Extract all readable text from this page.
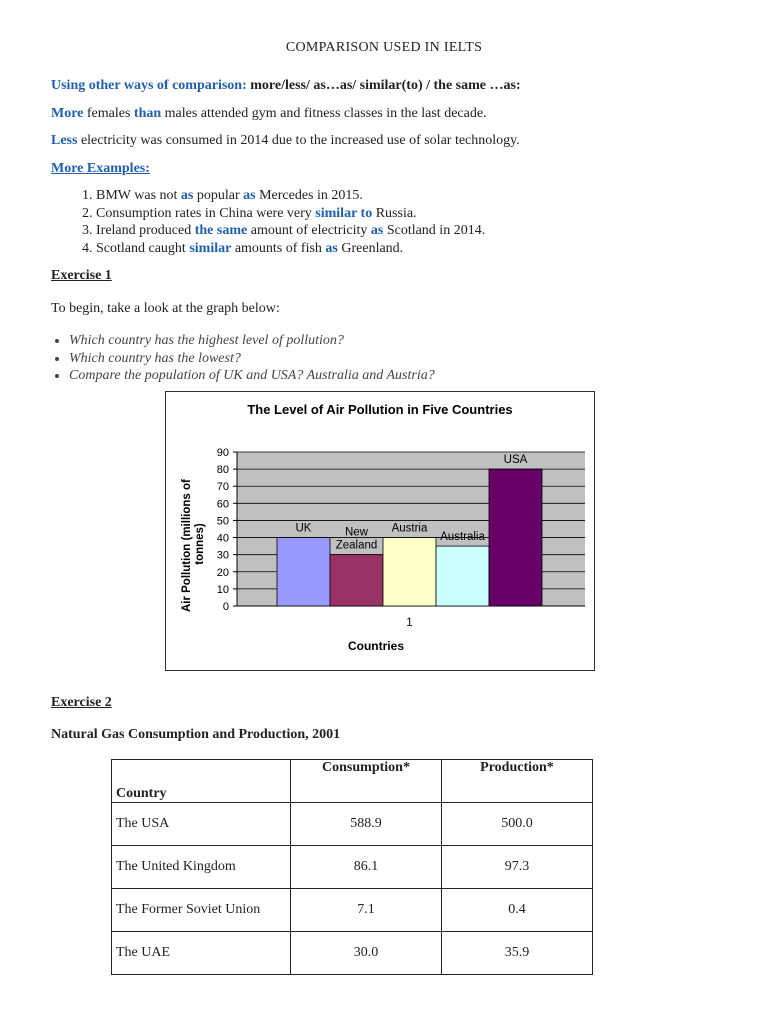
COMPARISON USED IN IELTS
Using other ways of comparison: more/less/ as…as/ similar(to) / the same …as:
More females than males attended gym and fitness classes in the last decade.
Less electricity was consumed in 2014 due to the increased use of solar technology.
More Examples:
1. BMW was not as popular as Mercedes in 2015.
2. Consumption rates in China were very similar to Russia.
3. Ireland produced the same amount of electricity as Scotland in 2014.
4. Scotland caught similar amounts of fish as Greenland.
Exercise 1
To begin, take a look at the graph below:
• Which country has the highest level of pollution?
• Which country has the lowest?
• Compare the population of UK and USA? Australia and Austria?
The Level of Air Pollution in Five Countries
Countries
Air Pollution (millions of tonnes)
0
10
20
30
40
50
60
70
80
90
UK	New
Zealand
Austria
Australia
USA
1
Exercise 2
Natural Gas Consumption and Production, 2001
Country	Consumption*	Production*
The USA	588.9	500.0
The United Kingdom	86.1	97.3
The Former Soviet Union	7.1	0.4
The UAE	30.0	35.9
